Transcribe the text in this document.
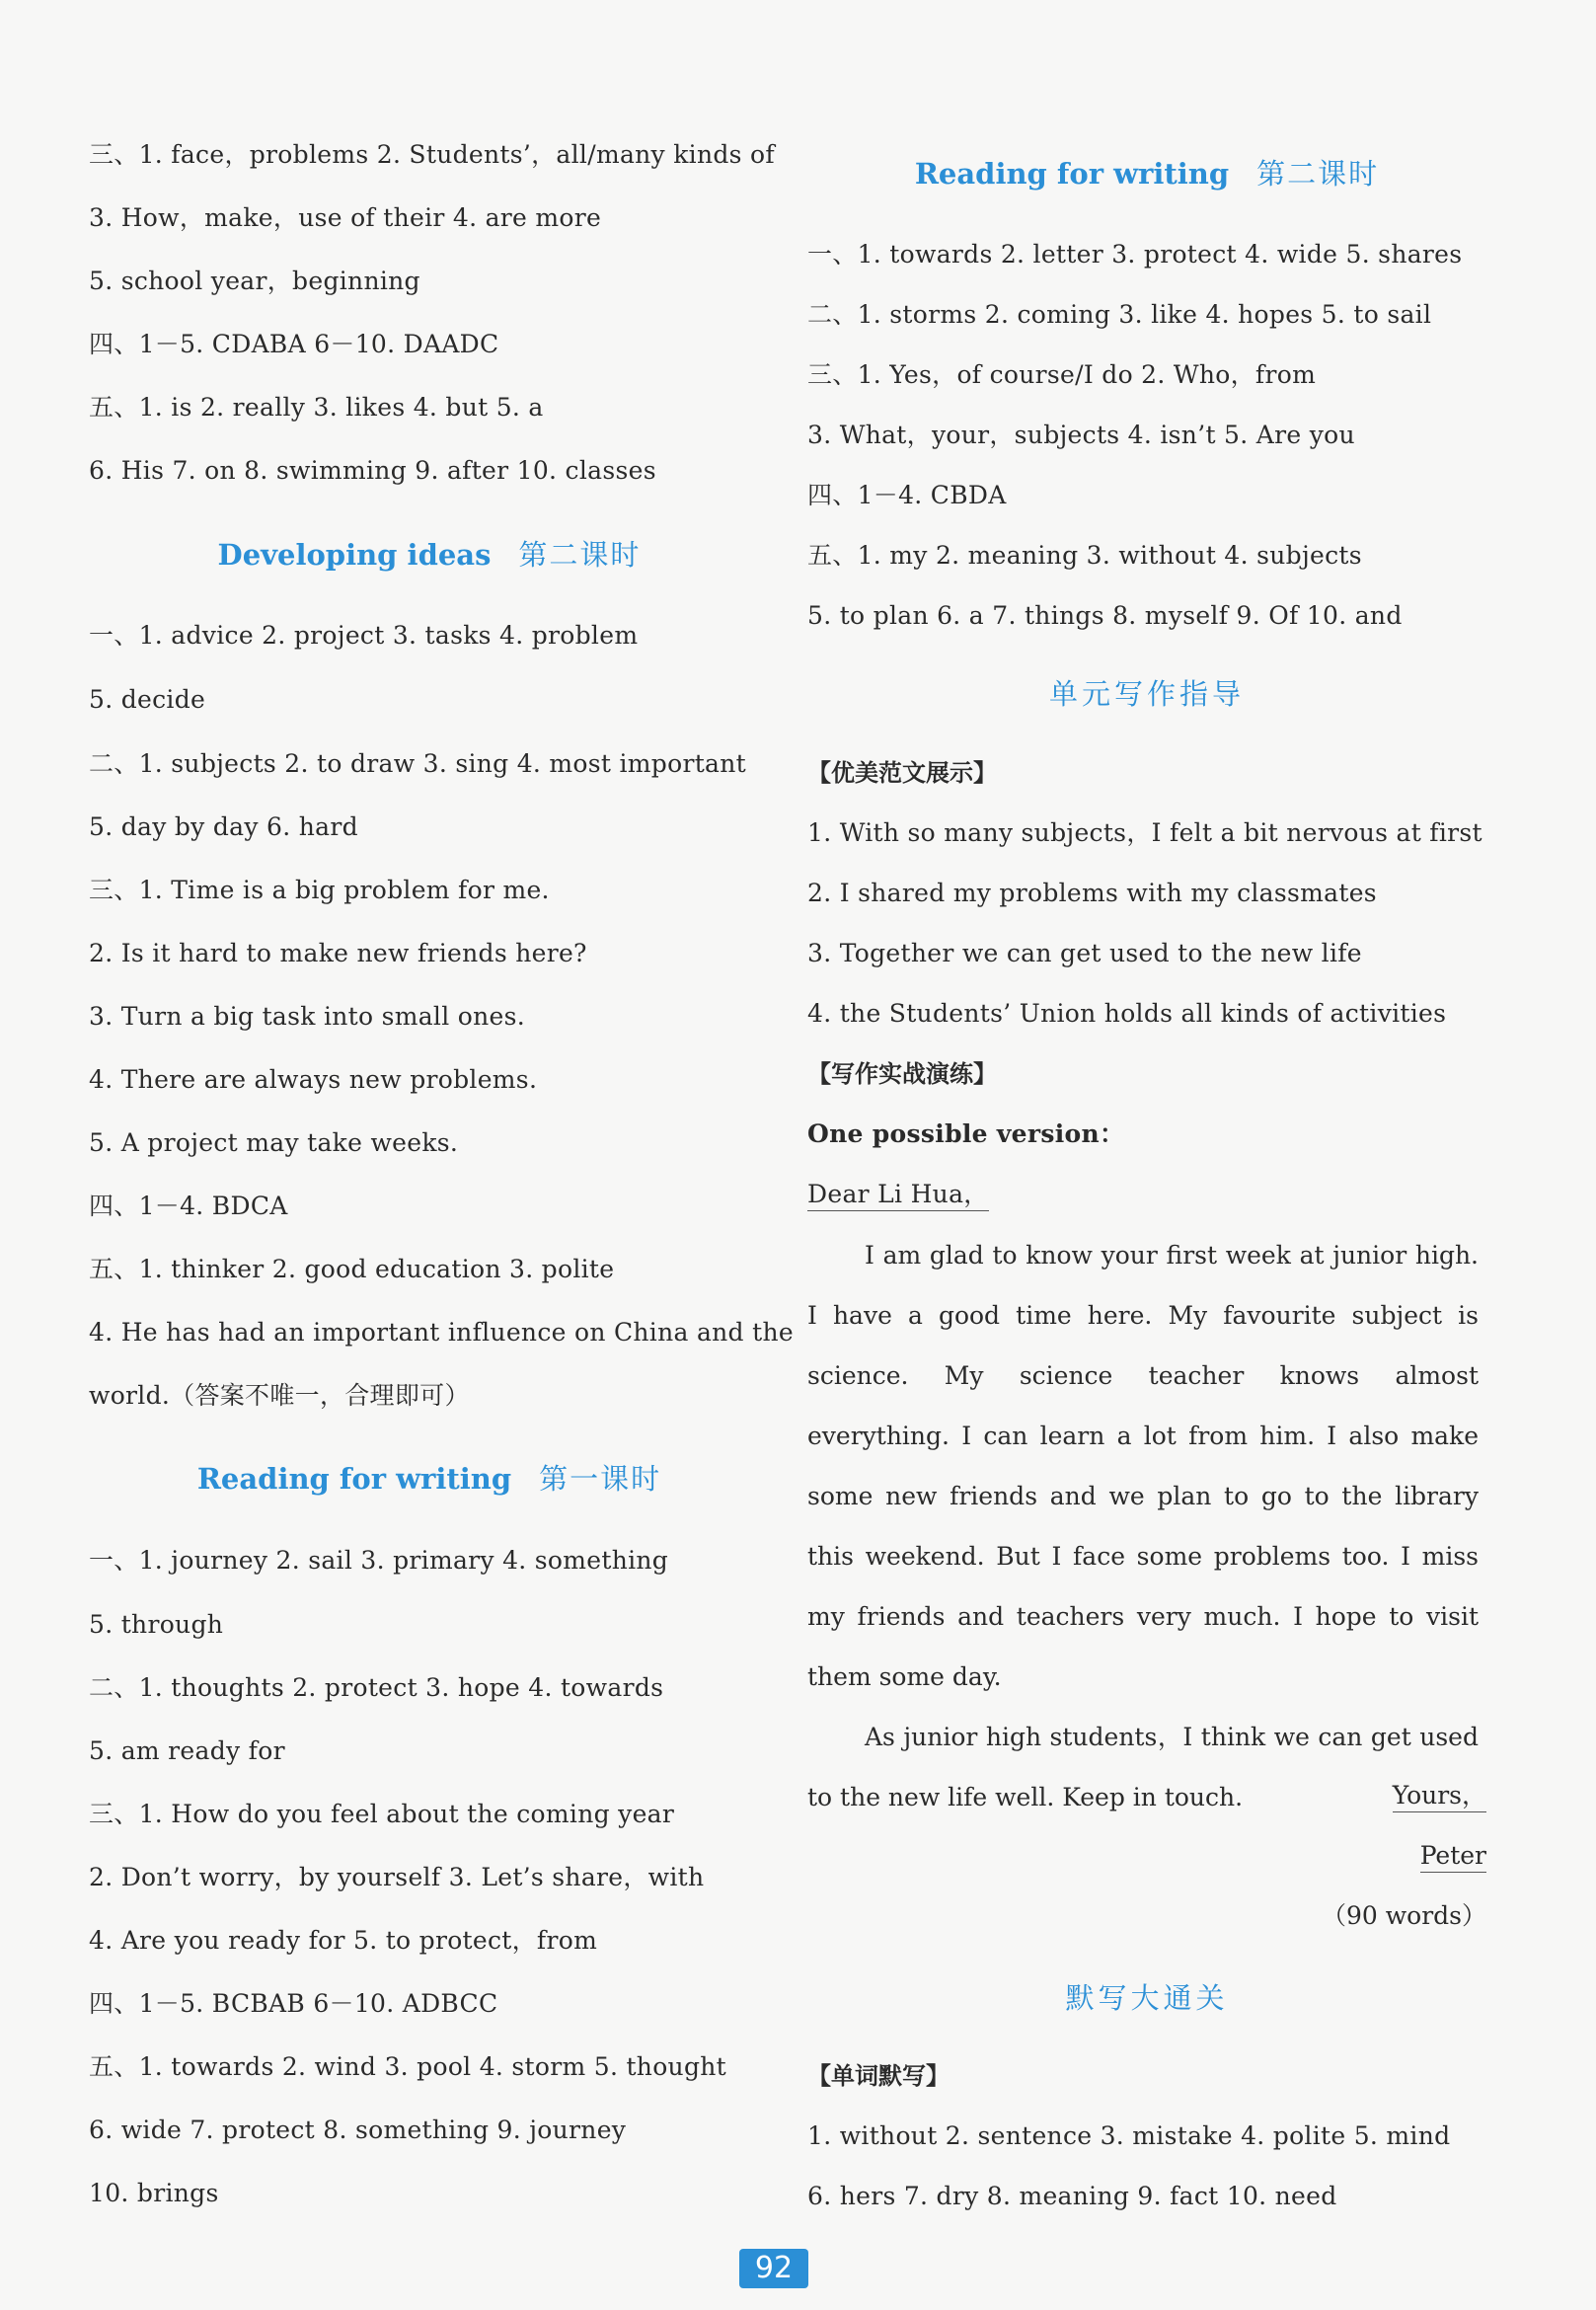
三、1. face，problems 2. Students’，all/many kinds of
3. How，make，use of their 4. are more
5. school year，beginning
四、1－5. CDABA 6－10. DAADC
五、1. is 2. really 3. likes 4. but 5. a
6. His 7. on 8. swimming 9. after 10. classes
Developing ideas 第二课时
一、1. advice 2. project 3. tasks 4. problem
5. decide
二、1. subjects 2. to draw 3. sing 4. most important
5. day by day 6. hard
三、1. Time is a big problem for me.
2. Is it hard to make new friends here?
3. Turn a big task into small ones.
4. There are always new problems.
5. A project may take weeks.
四、1－4. BDCA
五、1. thinker 2. good education 3. polite
4. He has had an important influence on China and the
world.（答案不唯一，合理即可）
Reading for writing 第一课时
一、1. journey 2. sail 3. primary 4. something
5. through
二、1. thoughts 2. protect 3. hope 4. towards
5. am ready for
三、1. How do you feel about the coming year
2. Don’t worry，by yourself 3. Let’s share，with
4. Are you ready for 5. to protect，from
四、1－5. BCBAB 6－10. ADBCC
五、1. towards 2. wind 3. pool 4. storm 5. thought
6. wide 7. protect 8. something 9. journey
10. brings
Reading for writing 第二课时
一、1. towards 2. letter 3. protect 4. wide 5. shares
二、1. storms 2. coming 3. like 4. hopes 5. to sail
三、1. Yes，of course/I do 2. Who，from
3. What，your，subjects 4. isn’t 5. Are you
四、1－4. CBDA
五、1. my 2. meaning 3. without 4. subjects
5. to plan 6. a 7. things 8. myself 9. Of 10. and
单元写作指导
【优美范文展示】
1. With so many subjects，I felt a bit nervous at first
2. I shared my problems with my classmates
3. Together we can get used to the new life
4. the Students’ Union holds all kinds of activities
【写作实战演练】
One possible version：
Dear Li Hua，

I am glad to know your first week at junior high. I have a good time here. My favourite subject is science. My science teacher knows almost everything. I can learn a lot from him. I also make some new friends and we plan to go to the library this weekend. But I face some problems too. I miss my friends and teachers very much. I hope to visit them some day.

As junior high students，I think we can get used to the new life well. Keep in touch.	Yours，
Peter
（90 words）
默写大通关
【单词默写】
1. without 2. sentence 3. mistake 4. polite 5. mind
6. hers 7. dry 8. meaning 9. fact 10. need
92
